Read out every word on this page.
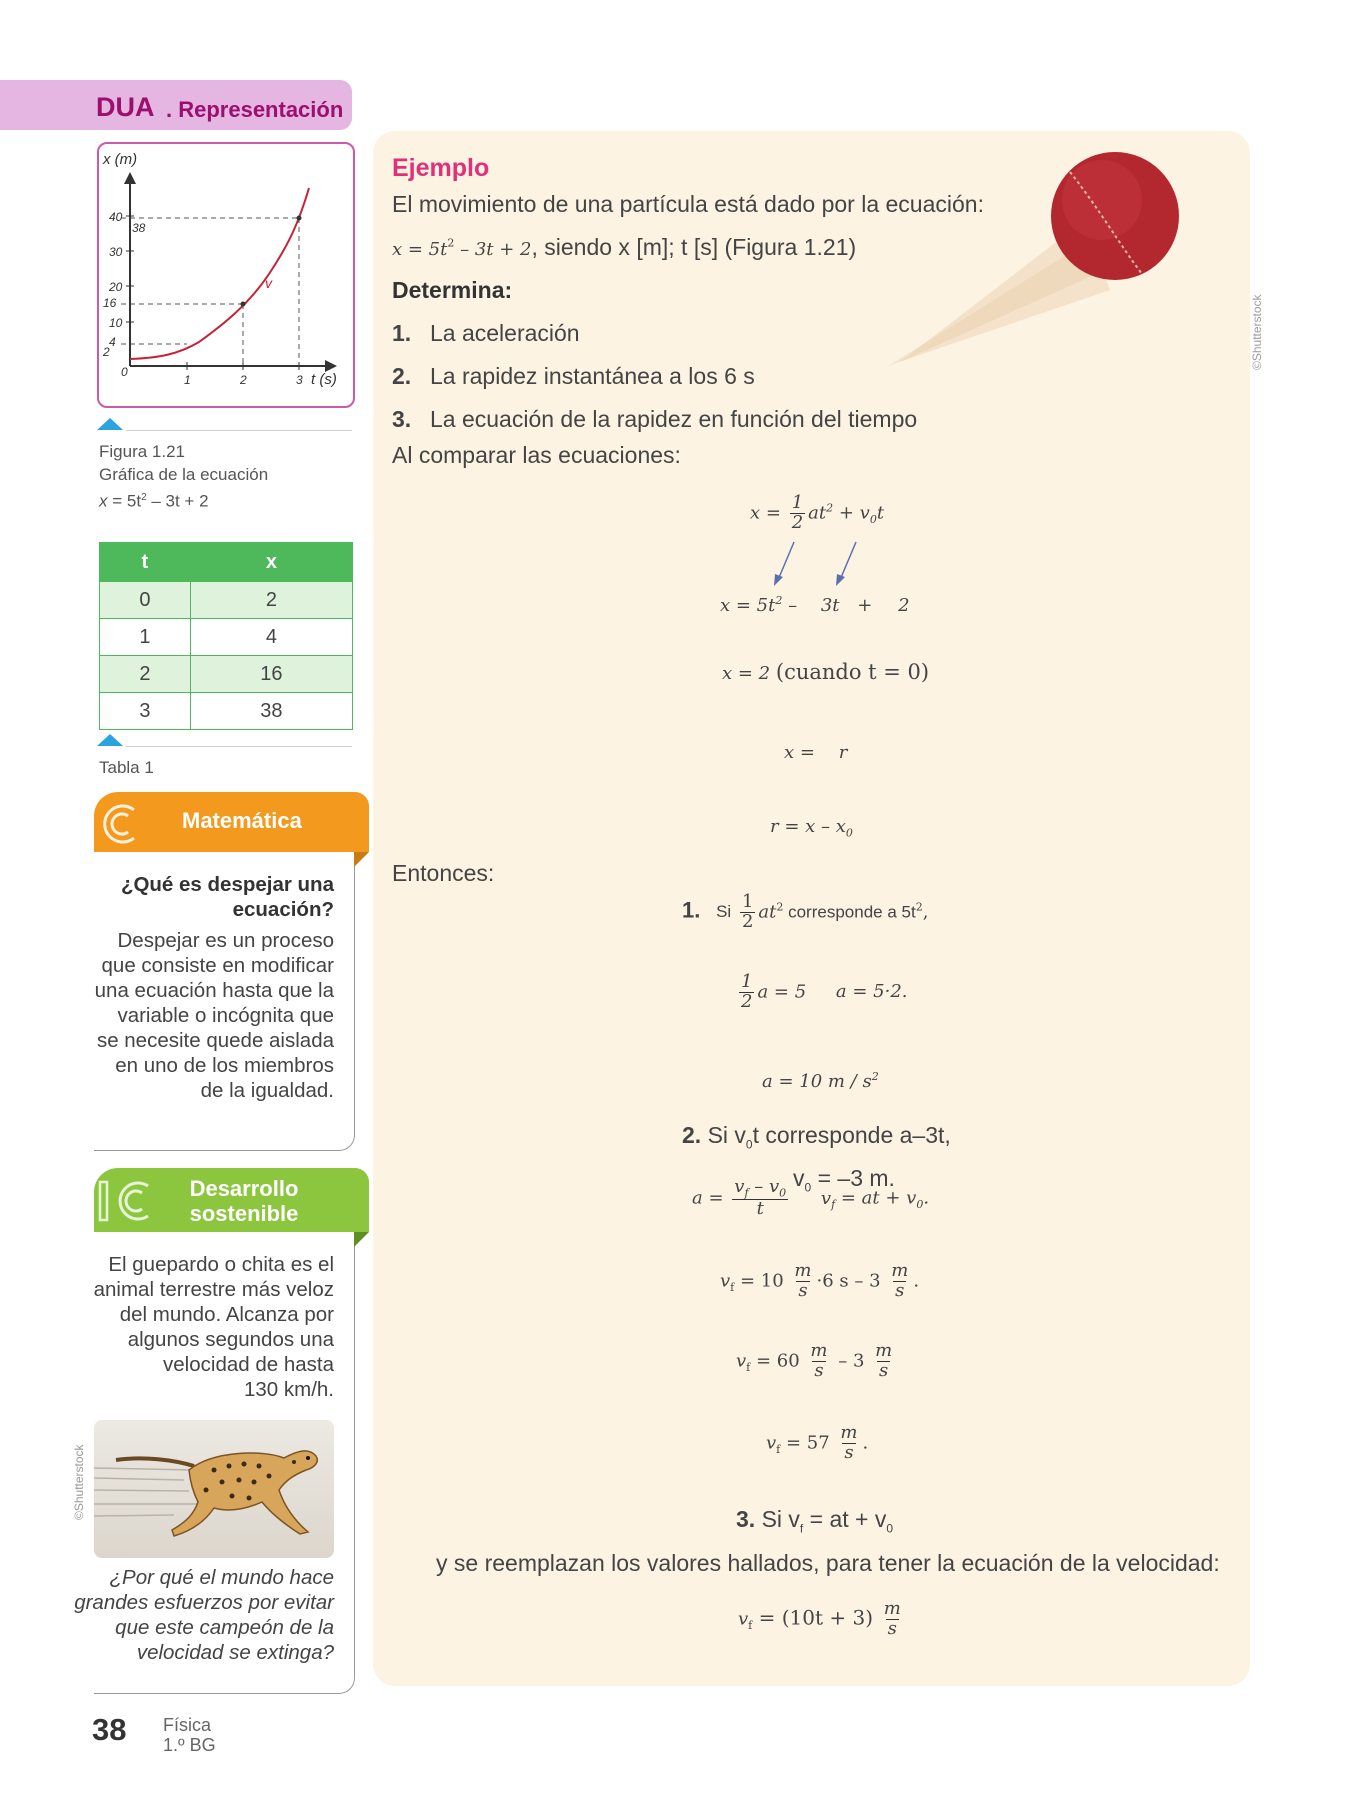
DUA . Representación
x (m)
t (s)
v
40
38
30
20
16
10
4
2
0
1	2	3
Figura 1.21
Gráfica de la ecuación
$x = 5t^2 - 3t + 2$
t	x
0	2
1	4
2	16
3	38
Tabla 1
Matemática
¿Qué es despejar una
ecuación?
Despejar es un proceso
que consiste en modificar
una ecuación hasta que la
variable o incógnita que
se necesite quede aislada
en uno de los miembros
de la igualdad.
Desarrollo
sostenible
El guepardo o chita es el
animal terrestre más veloz
del mundo. Alcanza por
algunos segundos una
velocidad de hasta
130 km/h.
©Shutterstock
¿Por qué el mundo hace
grandes esfuerzos por evitar
que este campeón de la
velocidad se extinga?
©Shutterstock
Ejemplo
El movimiento de una partícula está dado por la ecuación:
$x = 5t^2 - 3t + 2$, siendo x [m]; t [s] (Figura 1.21)
Determina:
1. La aceleración
2. La rapidez instantánea a los 6 s
3. La ecuación de la rapidez en función del tiempo
Al comparar las ecuaciones:
$x = \frac{1}{2} at^2 + v_0t$
$x = 5t^2 - 3t + 2$
x = 2 (cuando t = 0)
x = r
$r = x - x_0$
Entonces:
1. Si $\frac{1}{2} at^2$ corresponde a $5t^2$,
$\frac{1}{2}$ a = 5 a = 5·2.
a = 10 m / $s^2$
2. Si $v_0t$ corresponde a–3t,
$v_0 = -3$ m.
$a = \frac{v_f - v_0}{t} v_f$ = at + $v_0$.
$v_f = 10 \frac{m}{s} \cdot 6$ s – $3 \frac{m}{s}$ .
$v_f = 60 \frac{m}{s} - 3 \frac{m}{s}$
$v_f = 57 \frac{m}{s}$ .
3. Si $v_f$ = at + $v_0$
y se reemplazan los valores hallados, para tener la ecuación de la velocidad:
$v_f = (10t + 3) \frac{m}{s}$
38 Física
1.º BG
